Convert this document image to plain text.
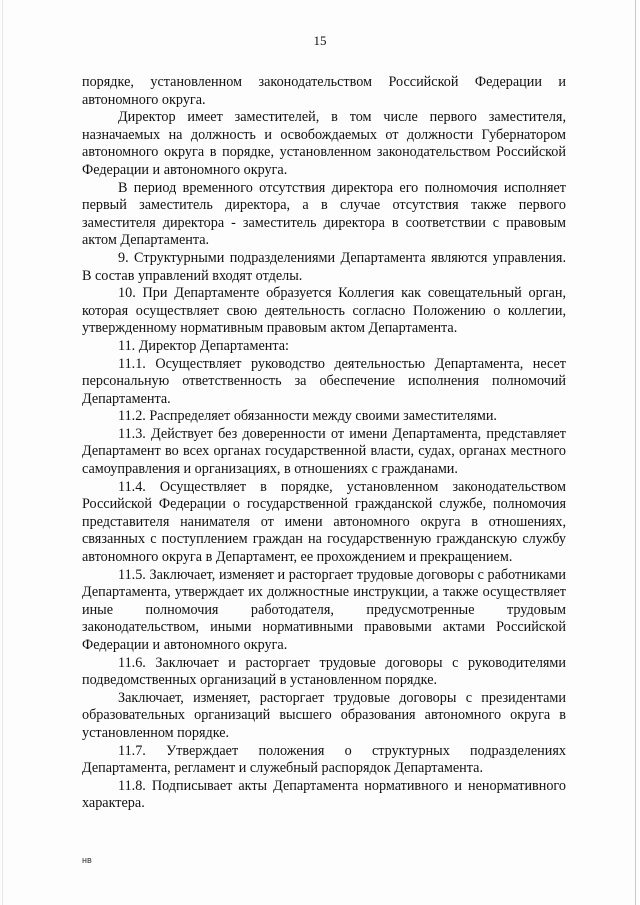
15

порядке, установленном законодательством Российской Федерации и автономного округа.

Директор имеет заместителей, в том числе первого заместителя, назначаемых на должность и освобождаемых от должности Губернатором автономного округа в порядке, установленном законодательством Российской Федерации и автономного округа.

В период временного отсутствия директора его полномочия исполняет первый заместитель директора, а в случае отсутствия также первого заместителя директора - заместитель директора в соответствии с правовым актом Департамента.

9. Структурными подразделениями Департамента являются управления. В состав управлений входят отделы.

10. При Департаменте образуется Коллегия как совещательный орган, которая осуществляет свою деятельность согласно Положению о коллегии, утвержденному нормативным правовым актом Департамента.

11. Директор Департамента:

11.1. Осуществляет руководство деятельностью Департамента, несет персональную ответственность за обеспечение исполнения полномочий Департамента.

11.2. Распределяет обязанности между своими заместителями.

11.3. Действует без доверенности от имени Департамента, представляет Департамент во всех органах государственной власти, судах, органах местного самоуправления и организациях, в отношениях с гражданами.

11.4. Осуществляет в порядке, установленном законодательством Российской Федерации о государственной гражданской службе, полномочия представителя нанимателя от имени автономного округа в отношениях, связанных с поступлением граждан на государственную гражданскую службу автономного округа в Департамент, ее прохождением и прекращением.

11.5. Заключает, изменяет и расторгает трудовые договоры с работниками Департамента, утверждает их должностные инструкции, а также осуществляет иные полномочия работодателя, предусмотренные трудовым законодательством, иными нормативными правовыми актами Российской Федерации и автономного округа.

11.6. Заключает и расторгает трудовые договоры с руководителями подведомственных организаций в установленном порядке.

Заключает, изменяет, расторгает трудовые договоры с президентами образовательных организаций высшего образования автономного округа в установленном порядке.

11.7. Утверждает положения о структурных подразделениях Департамента, регламент и служебный распорядок Департамента.

11.8. Подписывает акты Департамента нормативного и ненормативного характера.

нв
